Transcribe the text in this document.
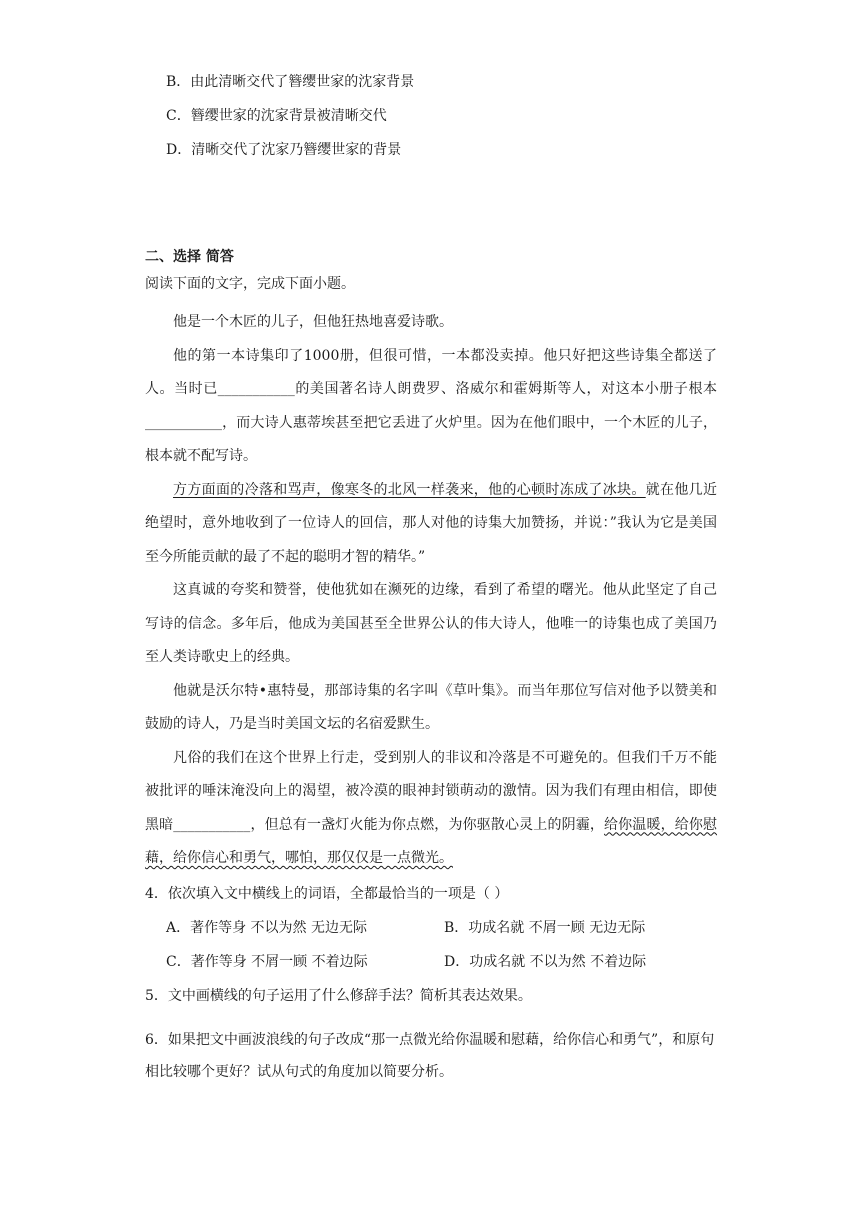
B．由此清晰交代了簪缨世家的沈家背景
C．簪缨世家的沈家背景被清晰交代
D．清晰交代了沈家乃簪缨世家的背景
二、选择 简答
阅读下面的文字，完成下面小题。

他是一个木匠的儿子，但他狂热地喜爱诗歌。

他的第一本诗集印了1000册，但很可惜，一本都没卖掉。他只好把这些诗集全都送了人。当时已___________的美国著名诗人朗费罗、洛威尔和霍姆斯等人，对这本小册子根本___________，而大诗人惠蒂埃甚至把它丢进了火炉里。因为在他们眼中，一个木匠的儿子，根本就不配写诗。

方方面面的冷落和骂声，像寒冬的北风一样袭来，他的心顿时冻成了冰块。就在他几近绝望时，意外地收到了一位诗人的回信，那人对他的诗集大加赞扬，并说：”我认为它是美国至今所能贡献的最了不起的聪明才智的精华。”

这真诚的夸奖和赞誉，使他犹如在濒死的边缘，看到了希望的曙光。他从此坚定了自己写诗的信念。多年后，他成为美国甚至全世界公认的伟大诗人，他唯一的诗集也成了美国乃至人类诗歌史上的经典。

他就是沃尔特•惠特曼，那部诗集的名字叫《草叶集》。而当年那位写信对他予以赞美和鼓励的诗人，乃是当时美国文坛的名宿爱默生。

凡俗的我们在这个世界上行走，受到别人的非议和冷落是不可避免的。但我们千万不能被批评的唾沫淹没向上的渴望，被冷漠的眼神封锁萌动的激情。因为我们有理由相信，即使黑暗___________，但总有一盏灯火能为你点燃，为你驱散心灵上的阴霾，给你温暖，给你慰藉，给你信心和勇气，哪怕，那仅仅是一点微光。

4．依次填入文中横线上的词语，全都最恰当的一项是（ ）
A．著作等身 不以为然 无边无际	B．功成名就 不屑一顾 无边无际
C．著作等身 不屑一顾 不着边际	D．功成名就 不以为然 不着边际
5．文中画横线的句子运用了什么修辞手法？简析其表达效果。
6．如果把文中画波浪线的句子改成“那一点微光给你温暖和慰藉，给你信心和勇气”，和原句相比较哪个更好？试从句式的角度加以简要分析。
